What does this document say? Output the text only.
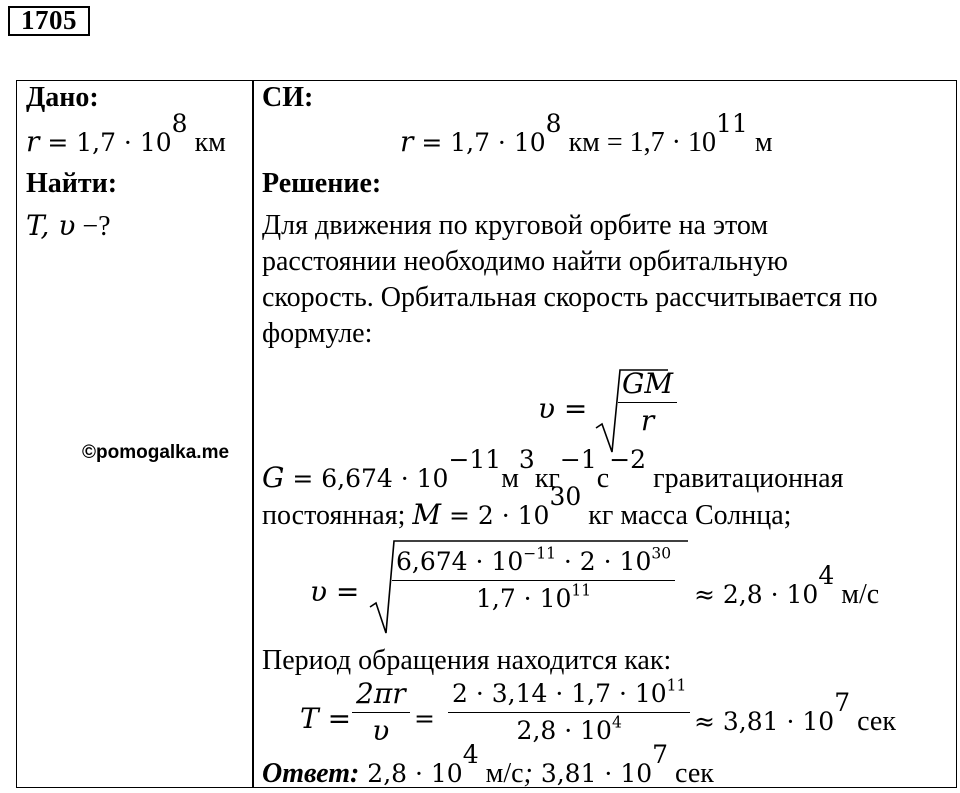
1705
Дано:
$r = 1,7 \cdot 10^8$ км
Найти:
T, υ −?
©pomogalka.me
СИ:
$r = 1,7 \cdot 10^8$ км = $1,7 \cdot 10^{11}$ м
Решение:
Для движения по круговой орбите на этом
расстоянии необходимо найти орбитальную
скорость. Орбитальная скорость рассчитывается по
формуле:
$\upsilon = \frac{GM}{r}$
$G = 6,674 \cdot 10^{-11}м^3кг^{-1}с^{-2}$ гравитационная
постоянная; $M = 2 \cdot 10^{30}$ кг масса Солнца;
$\upsilon = \frac{6,674 \cdot 10^{-11} \cdot 2 \cdot 10^{30}}{1,7 \cdot 10^{11}} \approx 2,8 \cdot 10^4$ м/с
Период обращения находится как:
$T = \frac{2\pi r}{\upsilon} = \frac{2 \cdot 3,14 \cdot 1,7 \cdot 10^{11}}{2,8 \cdot 10^4} \approx 3,81 \cdot 10^7$ сек
Ответ: $2,8 \cdot 10^4$ м/с; $3,81 \cdot 10^7$ сек
